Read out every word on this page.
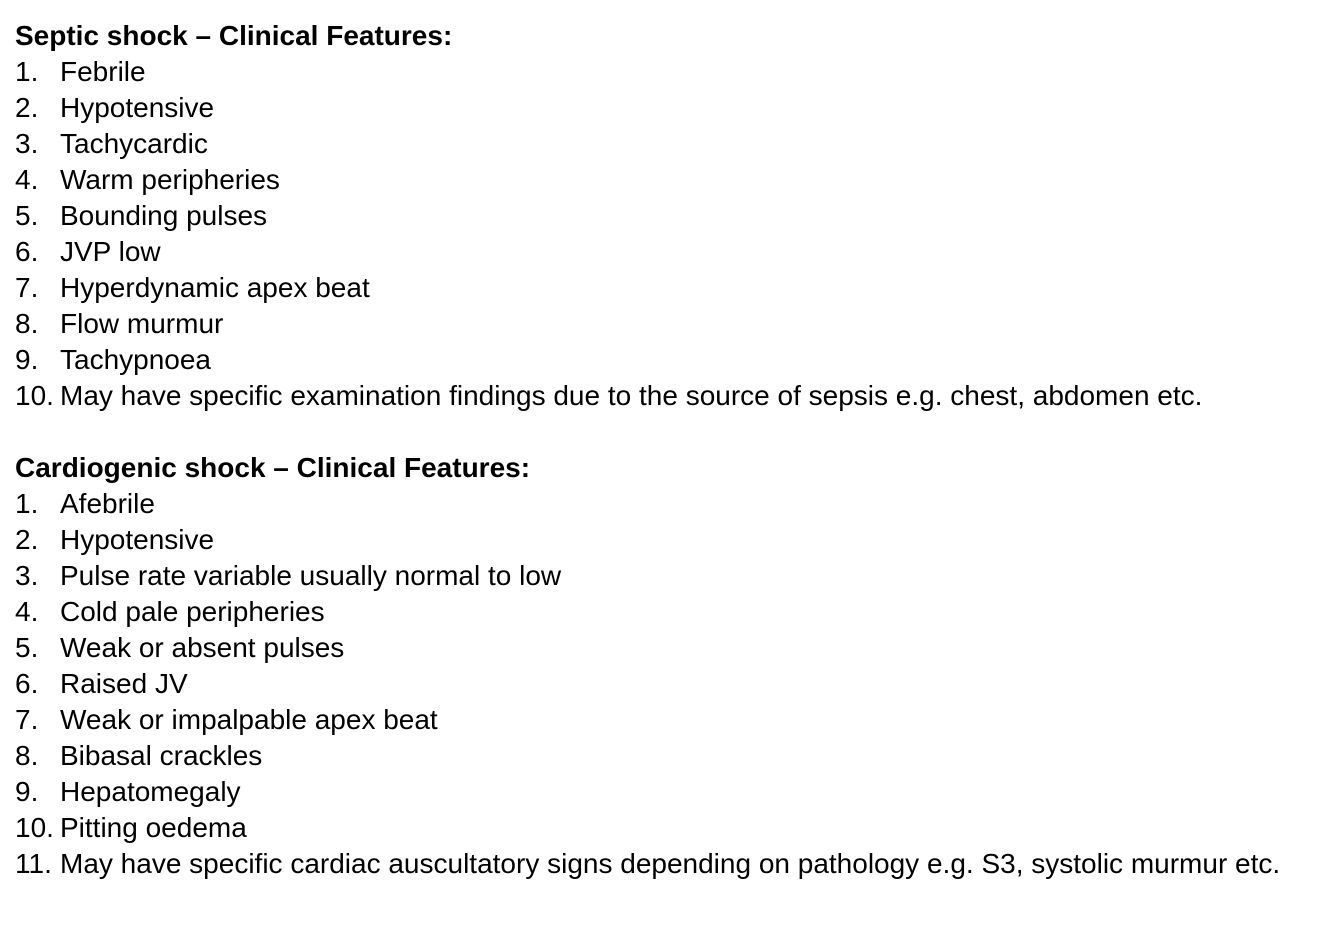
Septic shock – Clinical Features:
1. Febrile
2. Hypotensive
3. Tachycardic
4. Warm peripheries
5. Bounding pulses
6. JVP low
7. Hyperdynamic apex beat
8. Flow murmur
9. Tachypnoea
10. May have specific examination findings due to the source of sepsis e.g. chest, abdomen etc.
Cardiogenic shock – Clinical Features:
1. Afebrile
2. Hypotensive
3. Pulse rate variable usually normal to low
4. Cold pale peripheries
5. Weak or absent pulses
6. Raised JV
7. Weak or impalpable apex beat
8. Bibasal crackles
9. Hepatomegaly
10. Pitting oedema
11. May have specific cardiac auscultatory signs depending on pathology e.g. S3, systolic murmur etc.
